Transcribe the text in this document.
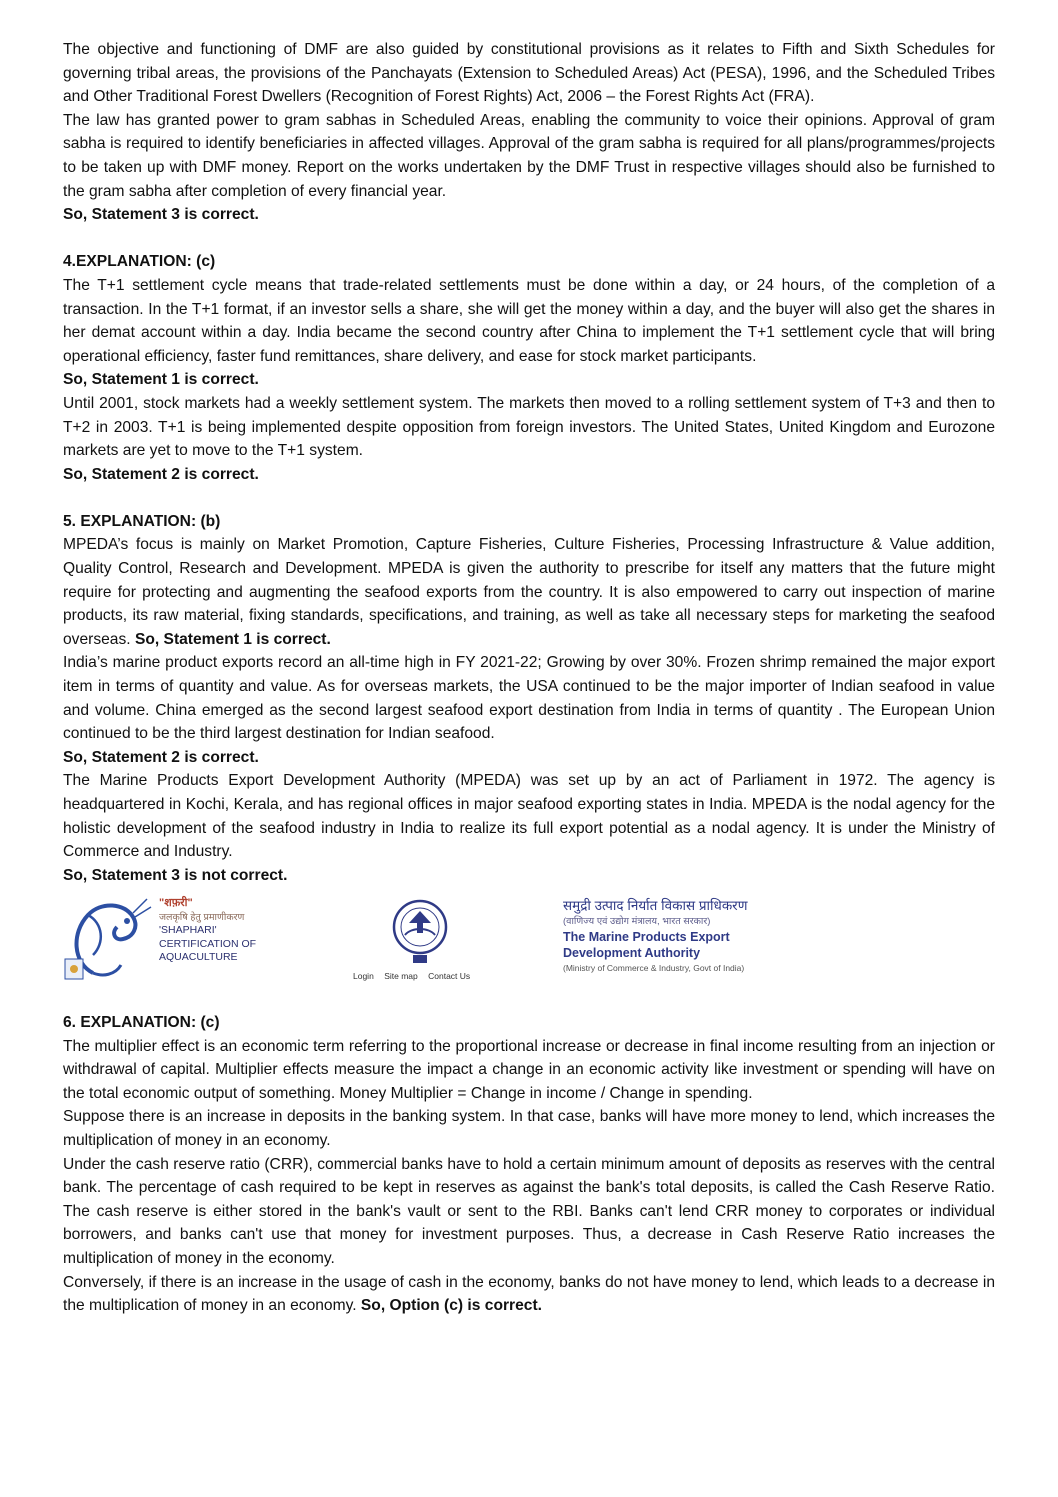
The objective and functioning of DMF are also guided by constitutional provisions as it relates to Fifth and Sixth Schedules for governing tribal areas, the provisions of the Panchayats (Extension to Scheduled Areas) Act (PESA), 1996, and the Scheduled Tribes and Other Traditional Forest Dwellers (Recognition of Forest Rights) Act, 2006 – the Forest Rights Act (FRA).

The law has granted power to gram sabhas in Scheduled Areas, enabling the community to voice their opinions. Approval of gram sabha is required to identify beneficiaries in affected villages. Approval of the gram sabha is required for all plans/programmes/projects to be taken up with DMF money. Report on the works undertaken by the DMF Trust in respective villages should also be furnished to the gram sabha after completion of every financial year.

So, Statement 3 is correct.

4.EXPLANATION: (c)

The T+1 settlement cycle means that trade-related settlements must be done within a day, or 24 hours, of the completion of a transaction. In the T+1 format, if an investor sells a share, she will get the money within a day, and the buyer will also get the shares in her demat account within a day. India became the second country after China to implement the T+1 settlement cycle that will bring operational efficiency, faster fund remittances, share delivery, and ease for stock market participants.

So, Statement 1 is correct.

Until 2001, stock markets had a weekly settlement system. The markets then moved to a rolling settlement system of T+3 and then to T+2 in 2003. T+1 is being implemented despite opposition from foreign investors. The United States, United Kingdom and Eurozone markets are yet to move to the T+1 system.

So, Statement 2 is correct.

5. EXPLANATION: (b)

MPEDA’s focus is mainly on Market Promotion, Capture Fisheries, Culture Fisheries, Processing Infrastructure & Value addition, Quality Control, Research and Development. MPEDA is given the authority to prescribe for itself any matters that the future might require for protecting and augmenting the seafood exports from the country. It is also empowered to carry out inspection of marine products, its raw material, fixing standards, specifications, and training, as well as take all necessary steps for marketing the seafood overseas. So, Statement 1 is correct.

India’s marine product exports record an all-time high in FY 2021-22; Growing by over 30%. Frozen shrimp remained the major export item in terms of quantity and value. As for overseas markets, the USA continued to be the major importer of Indian seafood in value and volume. China emerged as the second largest seafood export destination from India in terms of quantity . The European Union continued to be the third largest destination for Indian seafood.

So, Statement 2 is correct.

The Marine Products Export Development Authority (MPEDA) was set up by an act of Parliament in 1972. The agency is headquartered in Kochi, Kerala, and has regional offices in major seafood exporting states in India. MPEDA is the nodal agency for the holistic development of the seafood industry in India to realize its full export potential as a nodal agency. It is under the Ministry of Commerce and Industry.

So, Statement 3 is not correct.

"शफ़री"
जलकृषि हेतु प्रमाणीकरण
'SHAPHARI'
CERTIFICATION OF
AQUACULTURE
Login Site map Contact Us
समुद्री उत्पाद निर्यात विकास प्राधिकरण
(वाणिज्य एवं उद्योग मंत्रालय, भारत सरकार)
The Marine Products Export
Development Authority
(Ministry of Commerce & Industry, Govt of India)

6. EXPLANATION: (c)

The multiplier effect is an economic term referring to the proportional increase or decrease in final income resulting from an injection or withdrawal of capital. Multiplier effects measure the impact a change in an economic activity like investment or spending will have on the total economic output of something. Money Multiplier = Change in income / Change in spending.

Suppose there is an increase in deposits in the banking system. In that case, banks will have more money to lend, which increases the multiplication of money in an economy.

Under the cash reserve ratio (CRR), commercial banks have to hold a certain minimum amount of deposits as reserves with the central bank. The percentage of cash required to be kept in reserves as against the bank's total deposits, is called the Cash Reserve Ratio. The cash reserve is either stored in the bank's vault or sent to the RBI. Banks can't lend CRR money to corporates or individual borrowers, and banks can't use that money for investment purposes. Thus, a decrease in Cash Reserve Ratio increases the multiplication of money in the economy.

Conversely, if there is an increase in the usage of cash in the economy, banks do not have money to lend, which leads to a decrease in the multiplication of money in an economy. So, Option (c) is correct.
